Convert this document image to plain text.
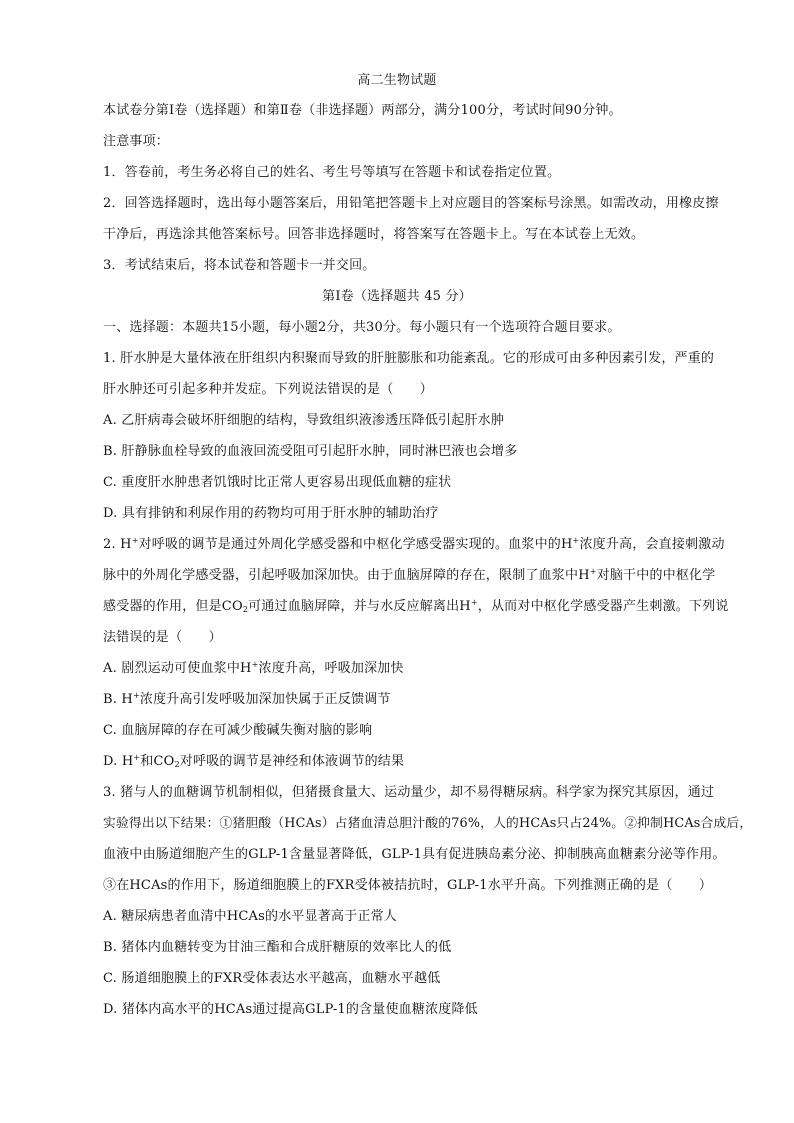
高二生物试题
本试卷分第Ⅰ卷（选择题）和第Ⅱ卷（非选择题）两部分，满分100分，考试时间90分钟。
注意事项：
1．答卷前，考生务必将自己的姓名、考生号等填写在答题卡和试卷指定位置。
2．回答选择题时，选出每小题答案后，用铅笔把答题卡上对应题目的答案标号涂黑。如需改动，用橡皮擦
干净后，再选涂其他答案标号。回答非选择题时，将答案写在答题卡上。写在本试卷上无效。
3．考试结束后，将本试卷和答题卡一并交回。
第Ⅰ卷（选择题共 45 分）
一、选择题：本题共15小题，每小题2分，共30分。每小题只有一个选项符合题目要求。
1. 肝水肿是大量体液在肝组织内积聚而导致的肝脏膨胀和功能紊乱。它的形成可由多种因素引发，严重的
肝水肿还可引起多种并发症。下列说法错误的是（　　）
A. 乙肝病毒会破坏肝细胞的结构，导致组织液渗透压降低引起肝水肿
B. 肝静脉血栓导致的血液回流受阻可引起肝水肿，同时淋巴液也会增多
C. 重度肝水肿患者饥饿时比正常人更容易出现低血糖的症状
D. 具有排钠和利尿作用的药物均可用于肝水肿的辅助治疗
2. H+对呼吸的调节是通过外周化学感受器和中枢化学感受器实现的。血浆中的H+浓度升高，会直接刺激动
脉中的外周化学感受器，引起呼吸加深加快。由于血脑屏障的存在，限制了血浆中H+对脑干中的中枢化学
感受器的作用，但是$CO_2$可通过血脑屏障，并与水反应解离出H+，从而对中枢化学感受器产生刺激。下列说
法错误的是（　　）
A. 剧烈运动可使血浆中H+浓度升高，呼吸加深加快
B. H+浓度升高引发呼吸加深加快属于正反馈调节
C. 血脑屏障的存在可减少酸碱失衡对脑的影响
D. H+和$CO_2$对呼吸的调节是神经和体液调节的结果
3. 猪与人的血糖调节机制相似，但猪摄食量大、运动量少，却不易得糖尿病。科学家为探究其原因，通过
实验得出以下结果：①猪胆酸（HCAs）占猪血清总胆汁酸的76%，人的HCAs只占24%。②抑制HCAs合成后，
血液中由肠道细胞产生的GLP-1含量显著降低，GLP-1具有促进胰岛素分泌、抑制胰高血糖素分泌等作用。
③在HCAs的作用下，肠道细胞膜上的FXR受体被拮抗时，GLP-1水平升高。下列推测正确的是（　　）
A. 糖尿病患者血清中HCAs的水平显著高于正常人
B. 猪体内血糖转变为甘油三酯和合成肝糖原的效率比人的低
C. 肠道细胞膜上的FXR受体表达水平越高，血糖水平越低
D. 猪体内高水平的HCAs通过提高GLP-1的含量使血糖浓度降低
